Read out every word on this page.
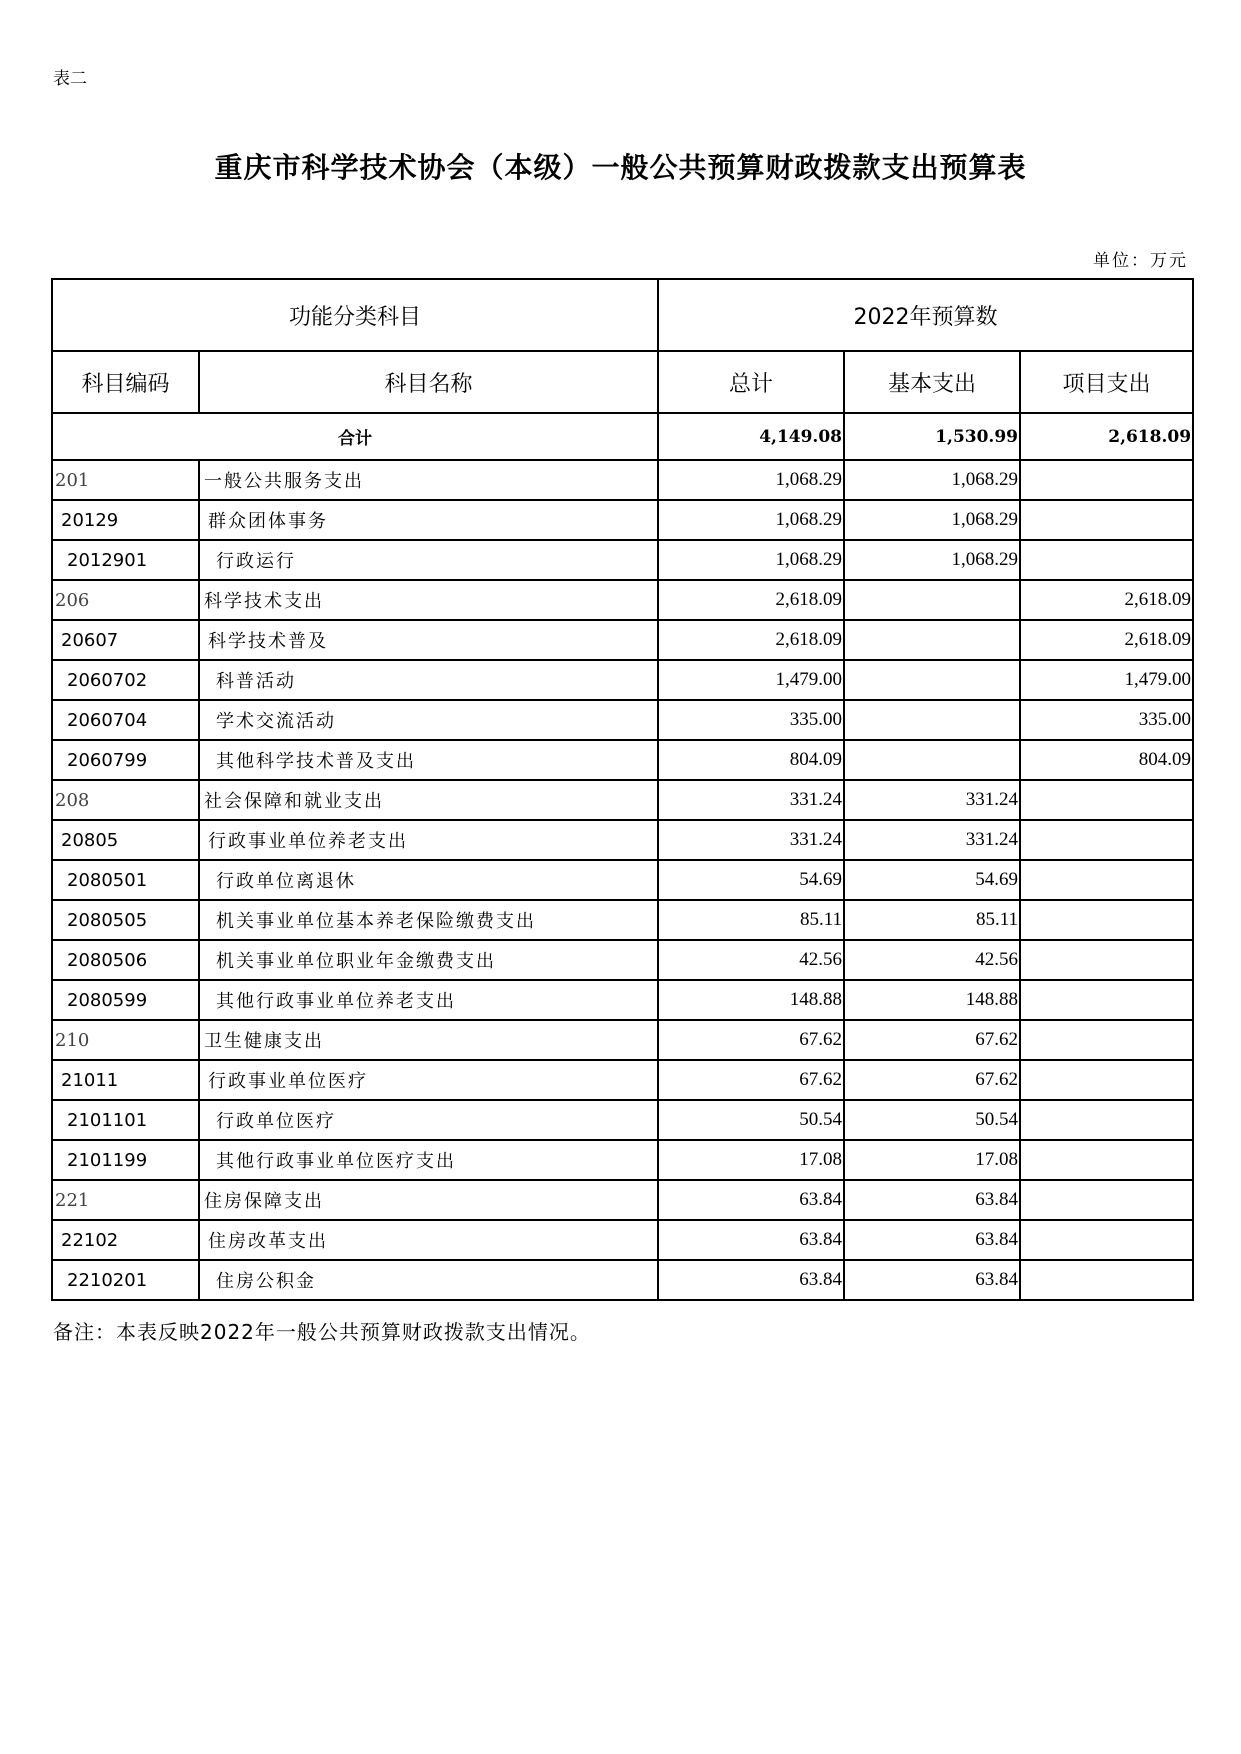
表二
重庆市科学技术协会（本级）一般公共预算财政拨款支出预算表
单位：万元
功能分类科目		2022年预算数		
科目编码	科目名称	总计	基本支出	项目支出
合计		4,149.08	1,530.99	2,618.09
201	一般公共服务支出	1,068.29	1,068.29	
20129	群众团体事务	1,068.29	1,068.29	
2012901	行政运行	1,068.29	1,068.29	
206	科学技术支出	2,618.09		2,618.09
20607	科学技术普及	2,618.09		2,618.09
2060702	科普活动	1,479.00		1,479.00
2060704	学术交流活动	335.00		335.00
2060799	其他科学技术普及支出	804.09		804.09
208	社会保障和就业支出	331.24	331.24	
20805	行政事业单位养老支出	331.24	331.24	
2080501	行政单位离退休	54.69	54.69	
2080505	机关事业单位基本养老保险缴费支出	85.11	85.11	
2080506	机关事业单位职业年金缴费支出	42.56	42.56	
2080599	其他行政事业单位养老支出	148.88	148.88	
210	卫生健康支出	67.62	67.62	
21011	行政事业单位医疗	67.62	67.62	
2101101	行政单位医疗	50.54	50.54	
2101199	其他行政事业单位医疗支出	17.08	17.08	
221	住房保障支出	63.84	63.84	
22102	住房改革支出	63.84	63.84	
2210201	住房公积金	63.84	63.84	
备注：本表反映2022年一般公共预算财政拨款支出情况。
